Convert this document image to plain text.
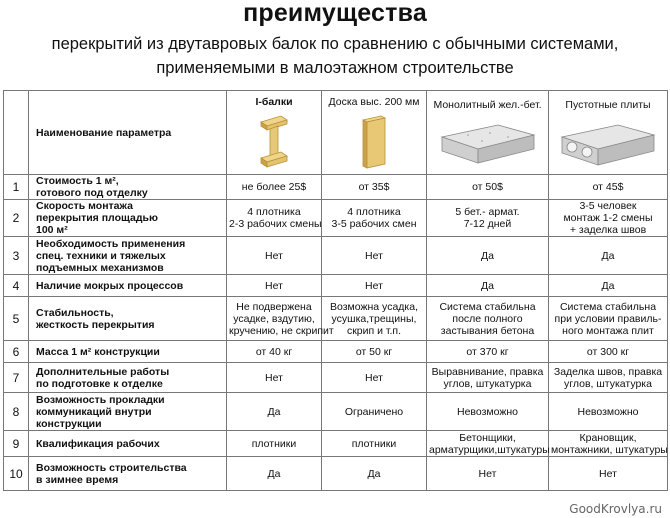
преимущества
перекрытий из двутавровых балок по сравнению с обычными системами,
применяемыми в малоэтажном строительстве
	Наименование параметра	I-балки	Доска выс. 200 мм	Монолитный жел.-бет.	Пустотные плиты

1	Стоимость 1 м²,
готового под отделку	не более 25$	от 35$	от 50$	от 45$

2	Скорость монтажа
перекрытия площадью
100 м²	4 плотника
2-3 рабочих смены	4 плотника
3-5 рабочих смен	5 бет.- армат.
7-12 дней	3-5 человек
монтаж 1-2 смены
+ заделка швов

3	Необходимость применения
спец. техники и тяжелых
подъемных механизмов	Нет	Нет	Да	Да

4	Наличие мокрых процессов	Нет	Нет	Да	Да

5	Стабильность,
жесткость перекрытия	Не подвержена
усадке, вздутию,
кручению, не скрипит	Возможна усадка,
усушка,трещины,
скрип и т.п.	Система стабильна
после полного
застывания бетона	Система стабильна
при условии правиль-
ного монтажа плит

6	Масса 1 м² конструкции	от 40 кг	от 50 кг	от 370 кг	от 300 кг

7	Дополнительные работы
по подготовке к отделке	Нет	Нет	Выравнивание, правка
углов, штукатурка	Заделка швов, правка
углов, штукатурка

8	Возможность прокладки
коммуникаций внутри
конструкции	Да	Ограничено	Невозможно	Невозможно

9	Квалификация рабочих	плотники	плотники	Бетонщики,
арматурщики,штукатуры	Крановщик,
монтажники, штукатуры

10	Возможность строительства
в зимнее время	Да	Да	Нет	Нет
GoodKrovlya.ru
